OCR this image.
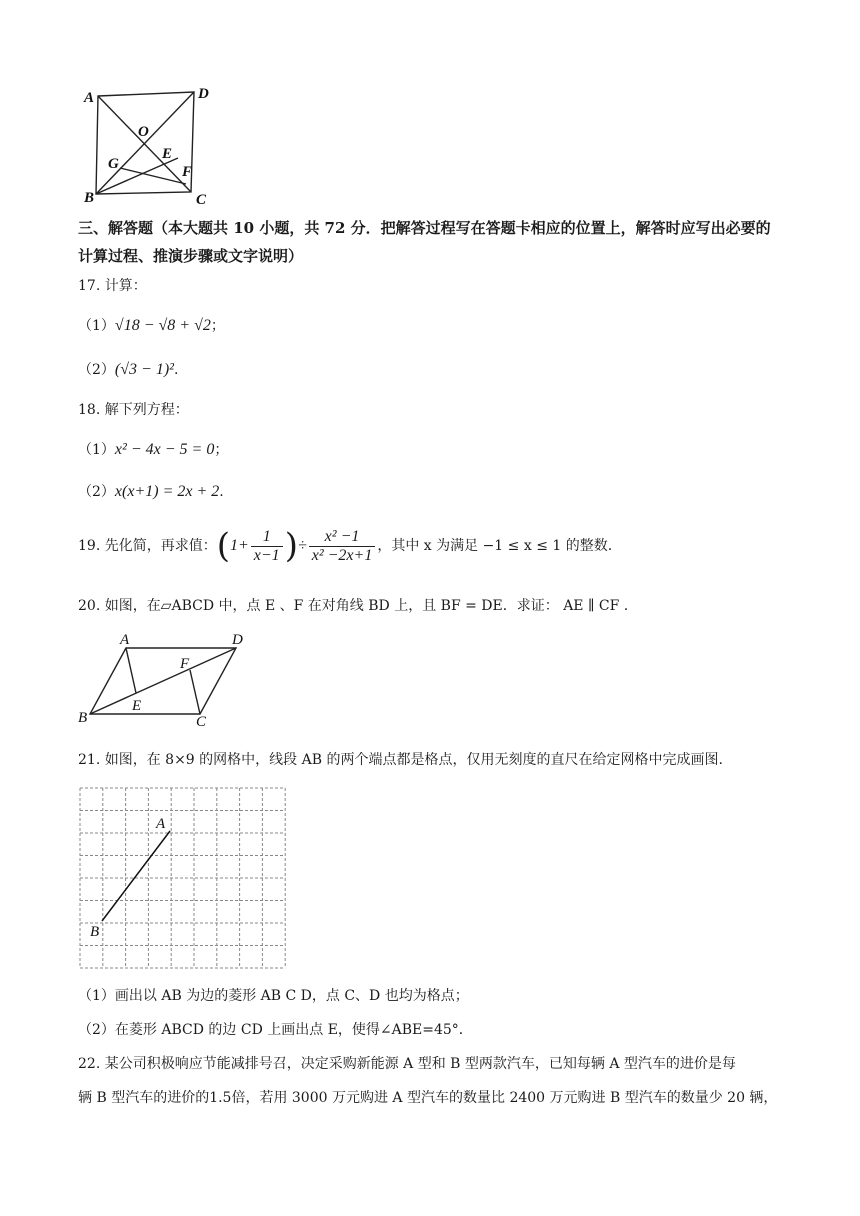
A	D
O
E
G	F
B	C
三、解答题（本大题共 10 小题，共 72 分．把解答过程写在答题卡相应的位置上，解答时应写出必要的计算过程、推演步骤或文字说明）
17. 计算：
（1）√18 − √8 + √2；
（2）(√3 − 1)².
18. 解下列方程：
（1）x² − 4x − 5 = 0；
（2）x(x+1) = 2x + 2.
19. 先化简，再求值：($1+ \frac{1}{x-1}$ )÷ $\frac{\text{x² −1}}{\text{x² −2x+1}}$ ，其中 x 为满足 −1 ≤ x ≤ 1 的整数.
20. 如图，在▱ABCD 中，点 E 、F 在对角线 BD 上，且 BF = DE．求证： AE ∥ CF .
A	D
F
B
E
C
21. 如图，在 8×9 的网格中，线段 AB 的两个端点都是格点，仅用无刻度的直尺在给定网格中完成画图.
A
B
（1）画出以 AB 为边的菱形 AB C D，点 C、D 也均为格点；
（2）在菱形 ABCD 的边 CD 上画出点 E，使得∠ABE=45°．
22. 某公司积极响应节能减排号召，决定采购新能源 A 型和 B 型两款汽车，已知每辆 A 型汽车的进价是每
辆 B 型汽车的进价的1.5倍，若用 3000 万元购进 A 型汽车的数量比 2400 万元购进 B 型汽车的数量少 20 辆，
